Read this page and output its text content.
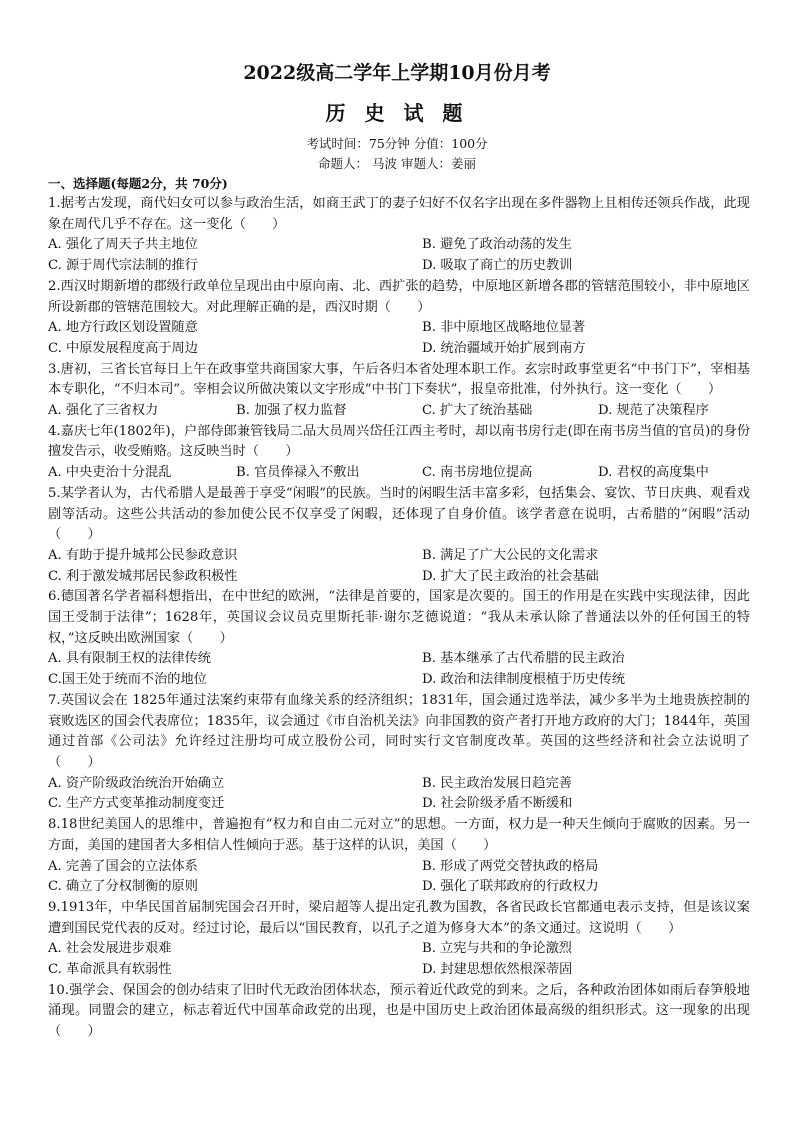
2022级高二学年上学期10月份月考
历 史 试 题
考试时间：75分钟 分值：100分
命题人： 马波 审题人：姜丽
一、选择题(每题2分，共 70分)

1.据考古发现，商代妇女可以参与政治生活，如商王武丁的妻子妇好不仅名字出现在多件器物上且相传还领兵作战，此现象在周代几乎不存在。这一变化（　　）

A. 强化了周天子共主地位	B. 避免了政治动荡的发生
C. 源于周代宗法制的推行	D. 吸取了商亡的历史教训

2.西汉时期新增的郡级行政单位呈现出由中原向南、北、西扩张的趋势，中原地区新增各郡的管辖范围较小，非中原地区所设新郡的管辖范围较大。对此理解正确的是，西汉时期（　　）

A. 地方行政区划设置随意	B. 非中原地区战略地位显著
C. 中原发展程度高于周边	D. 统治疆域开始扩展到南方

3.唐初，三省长官每日上午在政事堂共商国家大事，午后各归本省处理本职工作。玄宗时政事堂更名“中书门下”，宰相基本专职化，“不归本司”。宰相会议所做决策以文字形成“中书门下奏状”，报皇帝批准，付外执行。这一变化（　　）

A. 强化了三省权力	B. 加强了权力监督	C. 扩大了统治基础	D. 规范了决策程序

4.嘉庆七年(1802年)，户部侍郎兼管钱局二品大员周兴岱任江西主考时，却以南书房行走(即在南书房当值的官员)的身份擅发告示，收受贿赂。这反映当时（　　）

A. 中央吏治十分混乱	B. 官员俸禄入不敷出	C. 南书房地位提高	D. 君权的高度集中

5.某学者认为，古代希腊人是最善于享受“闲暇”的民族。当时的闲暇生活丰富多彩，包括集会、宴饮、节日庆典、观看戏剧等活动。这些公共活动的参加使公民不仅享受了闲暇，还体现了自身价值。该学者意在说明，古希腊的“闲暇”活动（　　）

A. 有助于提升城邦公民参政意识	B. 满足了广大公民的文化需求
C. 利于激发城邦居民参政积极性	D. 扩大了民主政治的社会基础

6.德国著名学者福科想指出，在中世纪的欧洲，“法律是首要的，国家是次要的。国王的作用是在实践中实现法律，因此国王受制于法律”；1628年，英国议会议员克里斯托菲·谢尔芝德说道：“我从未承认除了普通法以外的任何国王的特权，”这反映出欧洲国家（　　）

A. 具有限制王权的法律传统	B. 基本继承了古代希腊的民主政治
C.国王处于统而不治的地位	D. 政治和法律制度根植于历史传统

7.英国议会在 1825年通过法案约束带有血缘关系的经济组织；1831年，国会通过选举法，减少多半为土地贵族控制的衰败选区的国会代表席位；1835年，议会通过《市自治机关法》向非国教的资产者打开地方政府的大门；1844年，英国通过首部《公司法》允许经过注册均可成立股份公司，同时实行文官制度改革。英国的这些经济和社会立法说明了（　　）

A. 资产阶级政治统治开始确立	B. 民主政治发展日趋完善
C. 生产方式变革推动制度变迁	D. 社会阶级矛盾不断缓和

8.18世纪美国人的思维中，普遍抱有“权力和自由二元对立”的思想。一方面，权力是一种天生倾向于腐败的因素。另一方面，美国的建国者大多相信人性倾向于恶。基于这样的认识，美国（　　）

A. 完善了国会的立法体系	B. 形成了两党交替执政的格局
C. 确立了分权制衡的原则	D. 强化了联邦政府的行政权力

9.1913年，中华民国首届制宪国会召开时，梁启超等人提出定孔教为国教，各省民政长官都通电表示支持，但是该议案遭到国民党代表的反对。经过讨论，最后以“国民教育，以孔子之道为修身大本”的条文通过。这说明（　　）

A. 社会发展进步艰难	B. 立宪与共和的争论激烈
C. 革命派具有软弱性	D. 封建思想依然根深蒂固

10.强学会、保国会的创办结束了旧时代无政治团体状态，预示着近代政党的到来。之后，各种政治团体如雨后春笋般地涌现。同盟会的建立，标志着近代中国革命政党的出现，也是中国历史上政治团体最高级的组织形式。这一现象的出现（　　）
